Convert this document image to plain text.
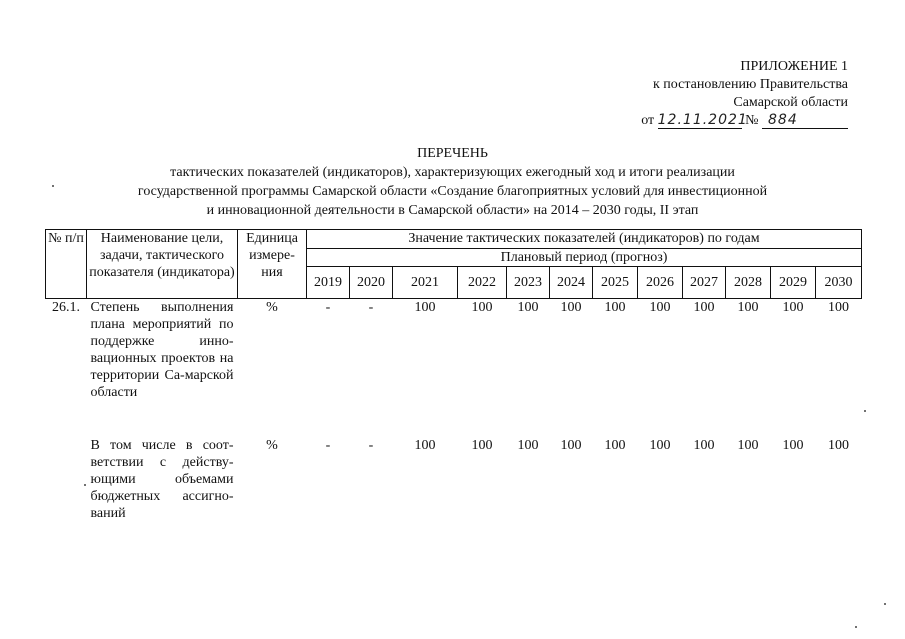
ПРИЛОЖЕНИЕ 1
к постановлению Правительства
Самарской области
от 12.11.2021 № 884
ПЕРЕЧЕНЬ
тактических показателей (индикаторов), характеризующих ежегодный ход и итоги реализации
государственной программы Самарской области «Создание благоприятных условий для инвестиционной
и инновационной деятельности в Самарской области» на 2014 – 2030 годы, II этап
№ п/п	Наименование цели, задачи, тактического показателя (индикатора)	Единица измере-ния	Значение тактических показателей (индикаторов) по годам											
			Плановый период (прогноз)											
			2019	2020	2021	2022	2023	2024	2025	2026	2027	2028	2029	2030
26.1.	Степень выполнения плана мероприятий по поддержке инно-вационных проектов на территории Са-марской области	%	-	-	100	100	100	100	100	100	100	100	100	100

	В том числе в соот-ветствии с действу-ющими объемами бюджетных ассигно-ваний	%	-	-	100	100	100	100	100	100	100	100	100	100
